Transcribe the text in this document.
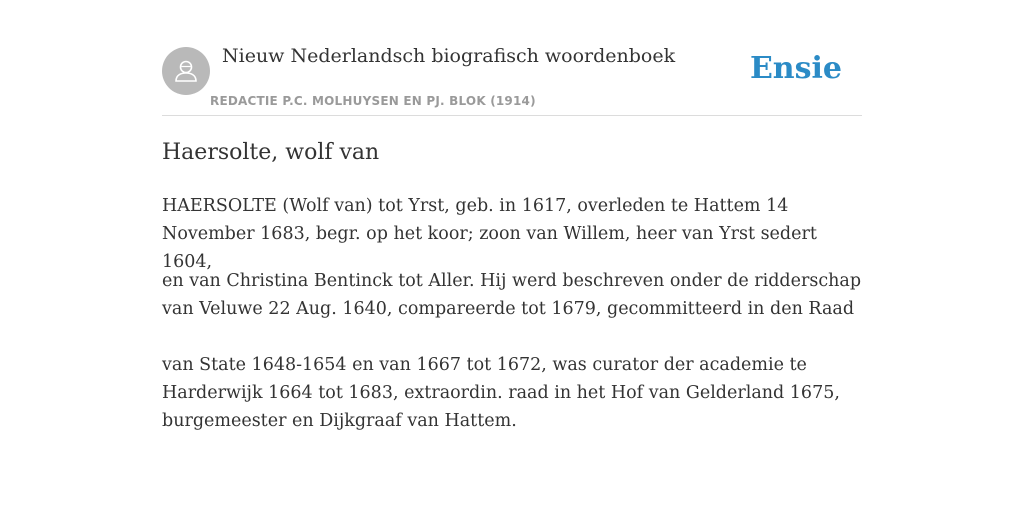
Nieuw Nederlandsch biografisch woordenboek
REDACTIE P.C. MOLHUYSEN EN PJ. BLOK (1914)
Ensie
Haersolte, wolf van

HAERSOLTE (Wolf van) tot Yrst, geb. in 1617, overleden te Hattem 14 November 1683, begr. op het koor; zoon van Willem, heer van Yrst sedert 1604,

en van Christina Bentinck tot Aller. Hij werd beschreven onder de ridderschap van Veluwe 22 Aug. 1640, compareerde tot 1679, gecommitteerd in den Raad

van State 1648-1654 en van 1667 tot 1672, was curator der academie te Harderwijk 1664 tot 1683, extraordin. raad in het Hof van Gelderland 1675, burgemeester en Dijkgraaf van Hattem.
